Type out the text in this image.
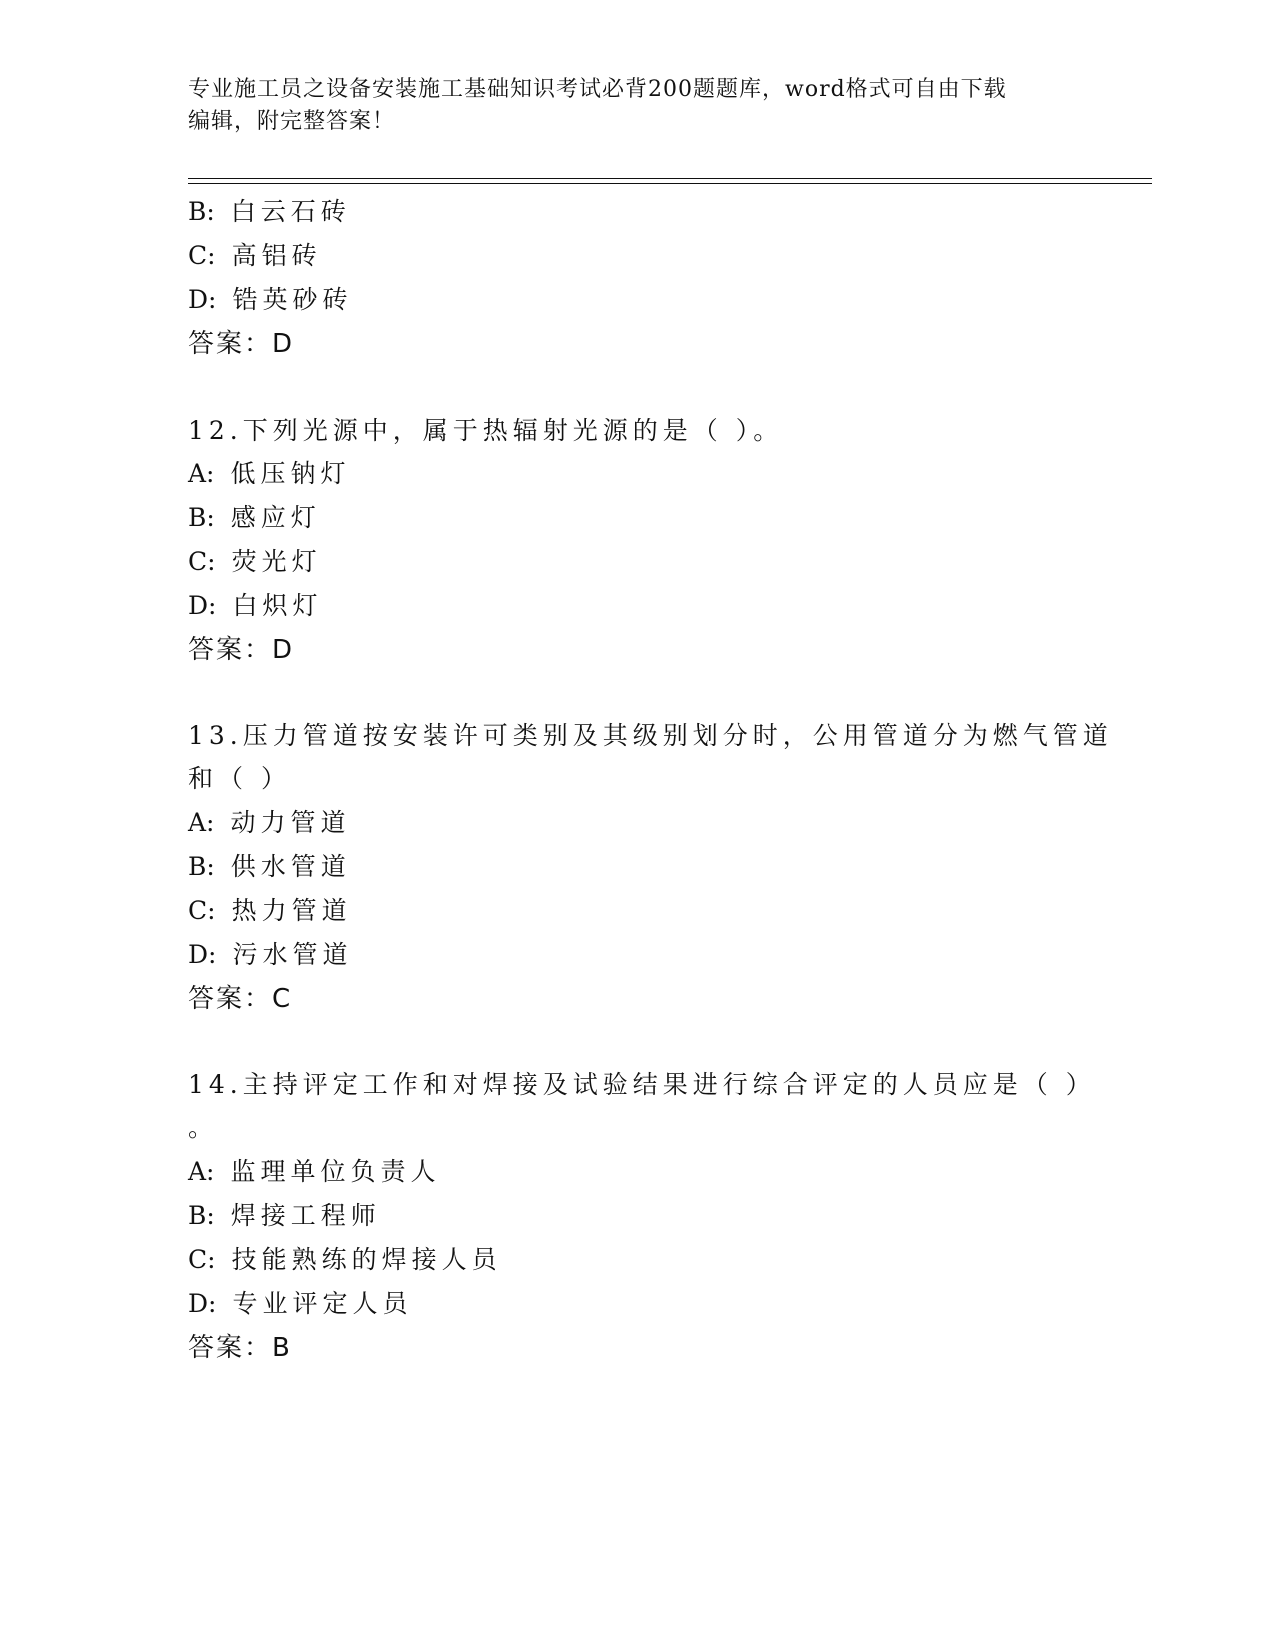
专业施工员之设备安装施工基础知识考试必背200题题库，word格式可自由下载
编辑，附完整答案！
B: 白云石砖
C: 高铝砖
D: 锆英砂砖
答案：D
12.下列光源中，属于热辐射光源的是（ ）。
A: 低压钠灯
B: 感应灯
C: 荧光灯
D: 白炽灯
答案：D
13.压力管道按安装许可类别及其级别划分时，公用管道分为燃气管道
和（ ）
A: 动力管道
B: 供水管道
C: 热力管道
D: 污水管道
答案：C
14.主持评定工作和对焊接及试验结果进行综合评定的人员应是（ ）
。
A: 监理单位负责人
B: 焊接工程师
C: 技能熟练的焊接人员
D: 专业评定人员
答案：B
